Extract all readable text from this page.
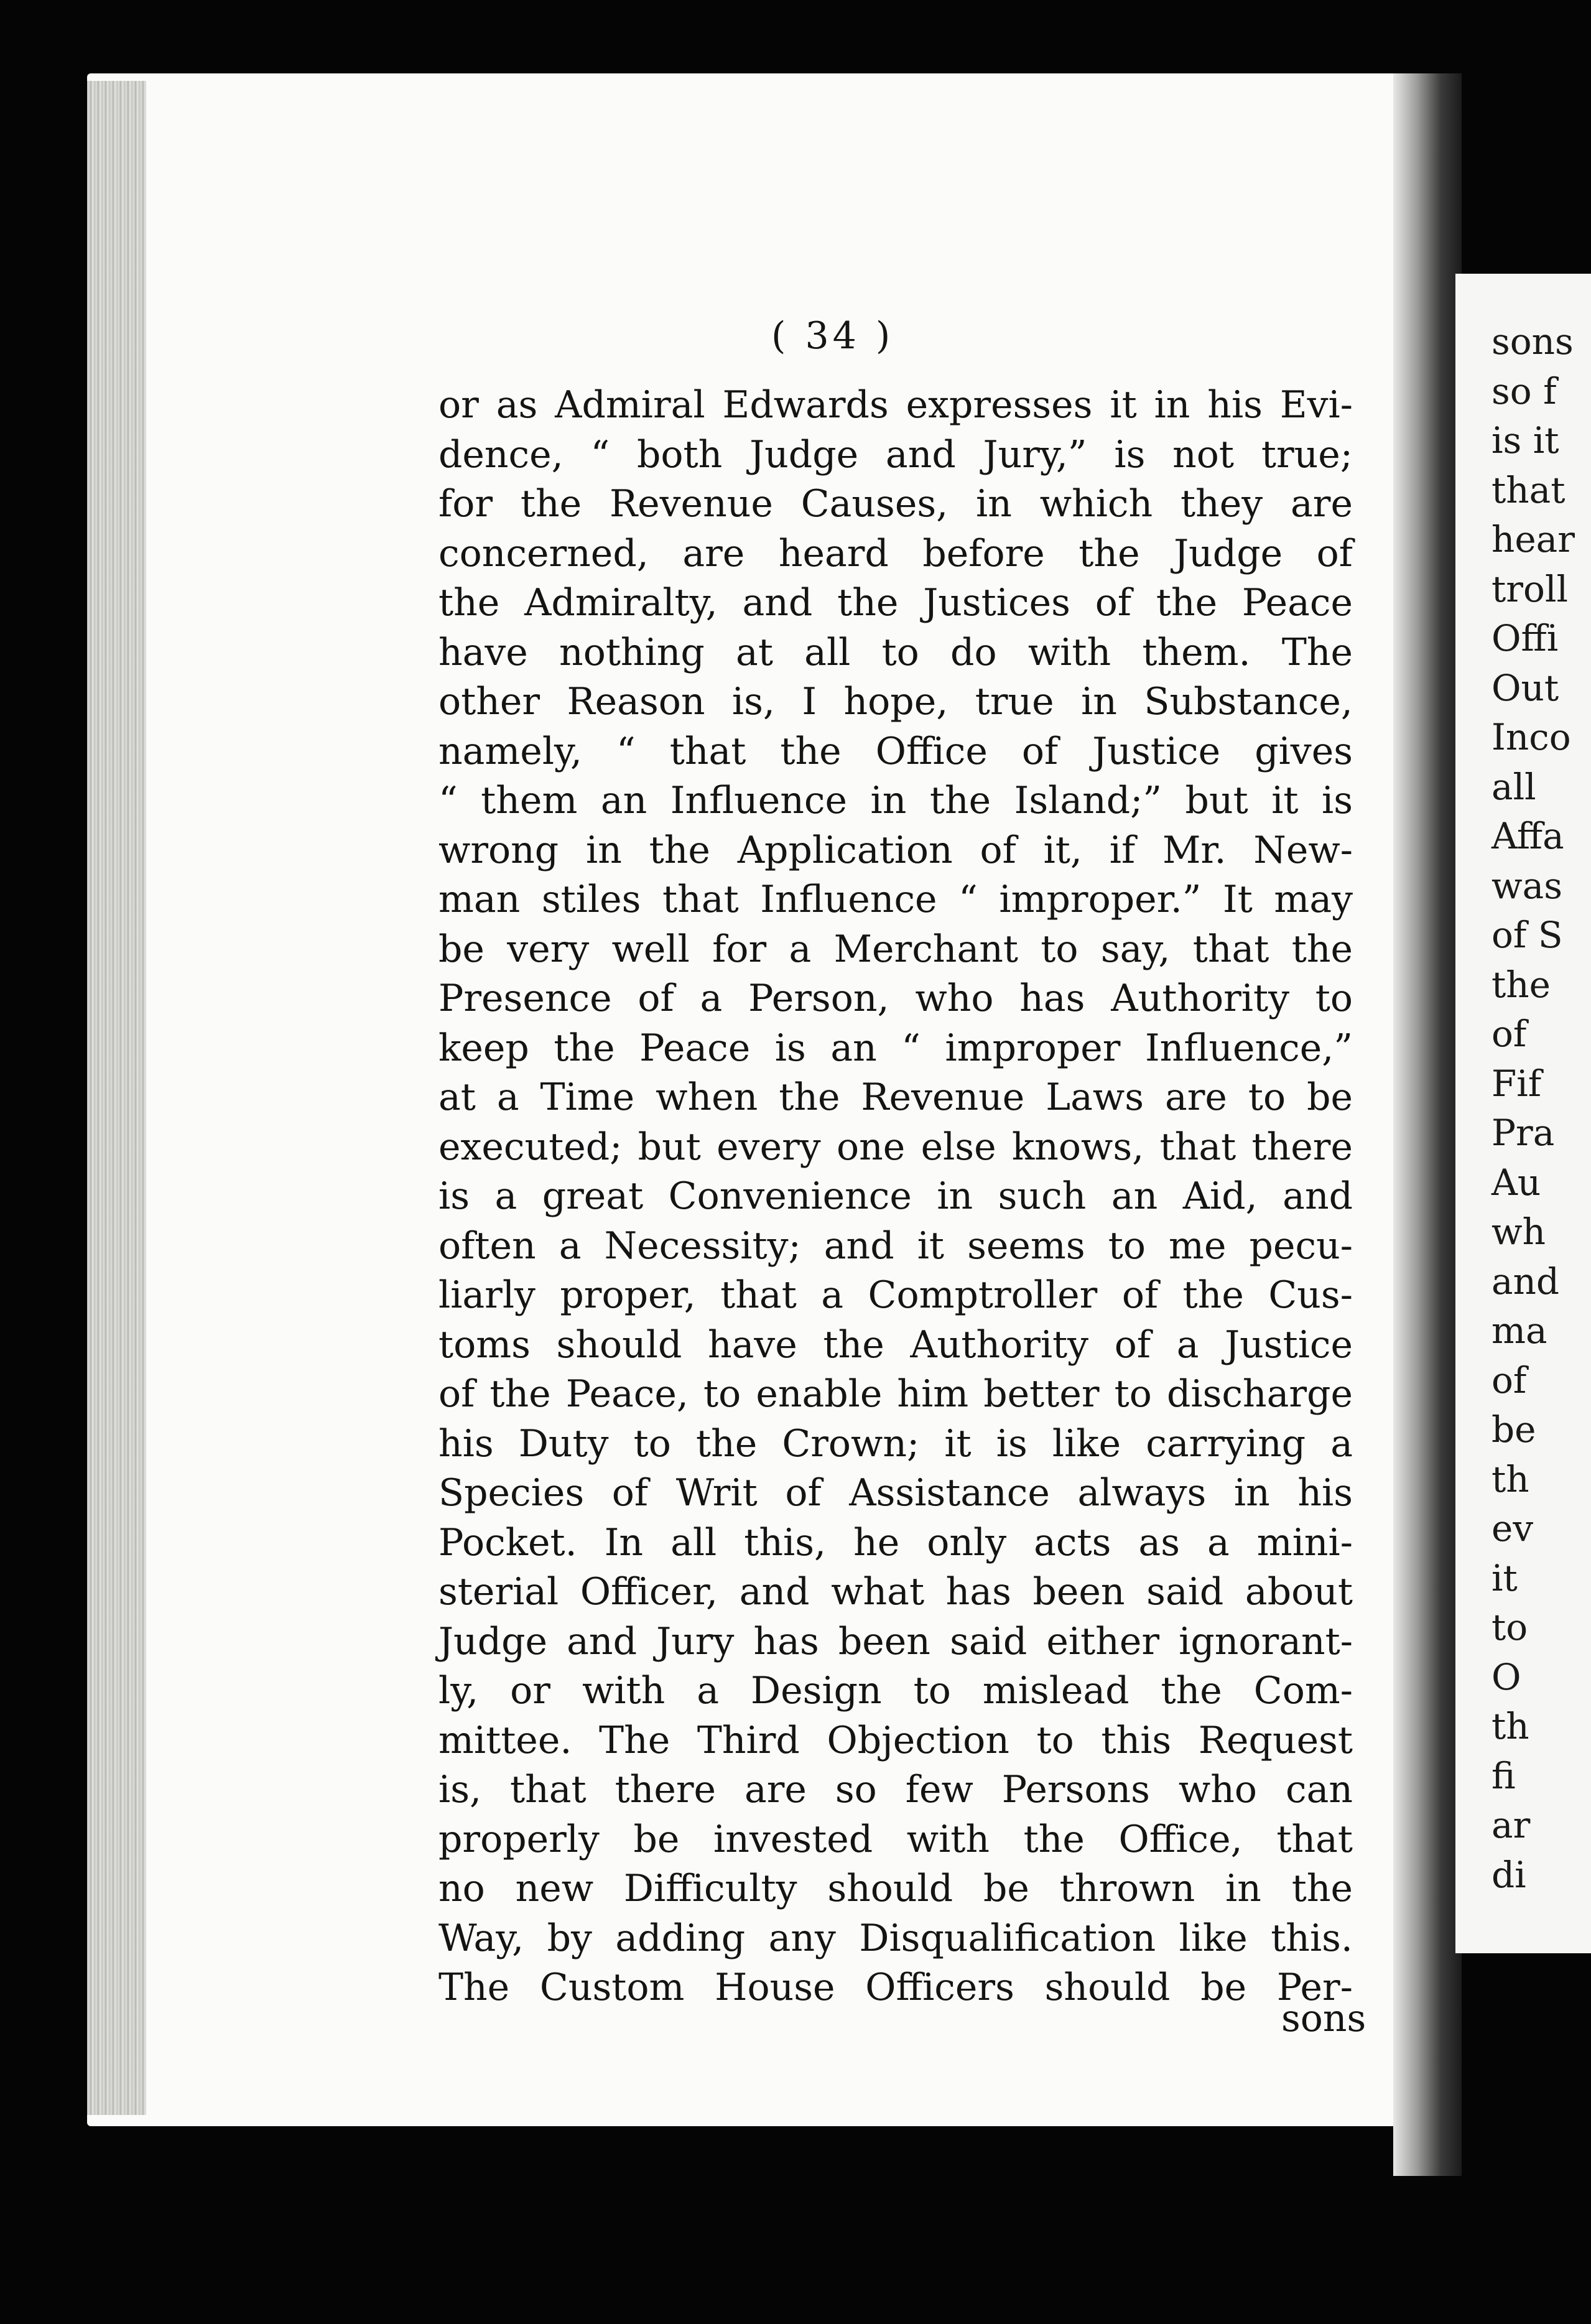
( 34 )
or as Admiral Edwards expresses it in his Evi-
dence, “ both Judge and Jury,” is not true;
for the Revenue Causes, in which they are
concerned, are heard before the Judge of
the Admiralty, and the Justices of the Peace
have nothing at all to do with them. The
other Reason is, I hope, true in Substance,
namely, “ that the Office of Justice gives
“ them an Influence in the Island;” but it is
wrong in the Application of it, if Mr. New-
man stiles that Influence “ improper.” It may
be very well for a Merchant to say, that the
Presence of a Person, who has Authority to
keep the Peace is an “ improper Influence,”
at a Time when the Revenue Laws are to be
executed; but every one else knows, that there
is a great Convenience in such an Aid, and
often a Necessity; and it seems to me pecu-
liarly proper, that a Comptroller of the Cus-
toms should have the Authority of a Justice
of the Peace, to enable him better to discharge
his Duty to the Crown; it is like carrying a
Species of Writ of Assistance always in his
Pocket. In all this, he only acts as a mini-
sterial Officer, and what has been said about
Judge and Jury has been said either ignorant-
ly, or with a Design to mislead the Com-
mittee. The Third Objection to this Request
is, that there are so few Persons who can
properly be invested with the Office, that
no new Difficulty should be thrown in the
Way, by adding any Disqualification like this.
The Custom House Officers should be Per-
sons
sons
so f
is it
that
hear
troll
Offi
Out
Inco
all
Affa
was
of S
the
of
Fif
Pra
Au
wh
and
ma
of
be
th
ev
it
to
O
th
fi
ar
di
